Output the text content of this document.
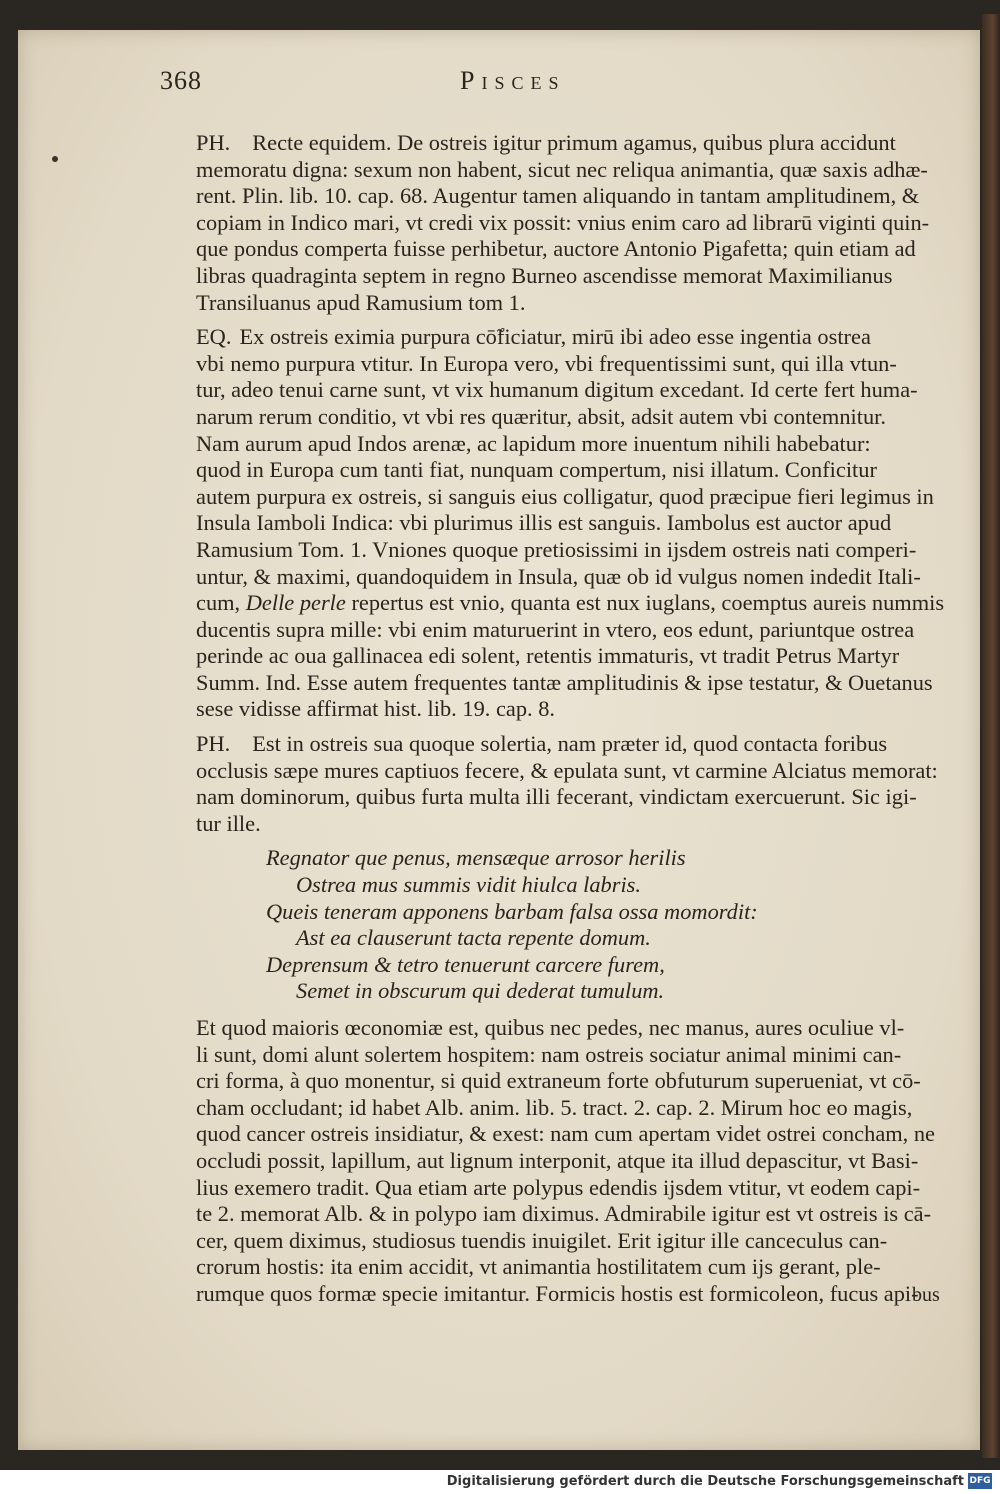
368	Pisces
PH. Recte equidem. De ostreis igitur primum agamus, quibus plura accidunt
memoratu digna: sexum non habent, sicut nec reliqua animantia, quæ saxis adhæ-
rent. Plin. lib. 10. cap. 68. Augentur tamen aliquando in tantam amplitudinem, &
copiam in Indico mari, vt credi vix possit: vnius enim caro ad librarū viginti quin-
que pondus comperta fuisse perhibetur, auctore Antonio Pigafetta; quin etiam ad
libras quadraginta septem in regno Burneo ascendisse memorat Maximilianus
Transiluanus apud Ramusium tom 1.
EQ. Ex ostreis eximia purpura cō̃ficiatur, mirū ibi adeo esse ingentia ostrea
vbi nemo purpura vtitur. In Europa vero, vbi frequentissimi sunt, qui illa vtun-
tur, adeo tenui carne sunt, vt vix humanum digitum excedant. Id certe fert huma-
narum rerum conditio, vt vbi res quæritur, absit, adsit autem vbi contemnitur.
Nam aurum apud Indos arenæ, ac lapidum more inuentum nihili habebatur:
quod in Europa cum tanti fiat, nunquam compertum, nisi illatum. Conficitur
autem purpura ex ostreis, si sanguis eius colligatur, quod præcipue fieri legimus in
Insula Iamboli Indica: vbi plurimus illis est sanguis. Iambolus est auctor apud
Ramusium Tom. 1. Vniones quoque pretiosissimi in ijsdem ostreis nati comperi-
untur, & maximi, quandoquidem in Insula, quæ ob id vulgus nomen indedit Itali-
cum, Delle perle repertus est vnio, quanta est nux iuglans, coemptus aureis nummis
ducentis supra mille: vbi enim maturuerint in vtero, eos edunt, pariuntque ostrea
perinde ac oua gallinacea edi solent, retentis immaturis, vt tradit Petrus Martyr
Summ. Ind. Esse autem frequentes tantæ amplitudinis & ipse testatur, & Ouetanus
sese vidisse affirmat hist. lib. 19. cap. 8.
PH. Est in ostreis sua quoque solertia, nam præter id, quod contacta foribus
occlusis sæpe mures captiuos fecere, & epulata sunt, vt carmine Alciatus memorat:
nam dominorum, quibus furta multa illi fecerant, vindictam exercuerunt. Sic igi-
tur ille.
Regnator que penus, mensæque arrosor herilis
Ostrea mus summis vidit hiulca labris.
Queis teneram apponens barbam falsa ossa momordit:
Ast ea clauserunt tacta repente domum.
Deprensum & tetro tenuerunt carcere furem,
Semet in obscurum qui dederat tumulum.
Et quod maioris œconomiæ est, quibus nec pedes, nec manus, aures oculiue vl-
li sunt, domi alunt solertem hospitem: nam ostreis sociatur animal minimi can-
cri forma, à quo monentur, si quid extraneum forte obfuturum superueniat, vt cō-
cham occludant; id habet Alb. anim. lib. 5. tract. 2. cap. 2. Mirum hoc eo magis,
quod cancer ostreis insidiatur, & exest: nam cum apertam videt ostrei concham, ne
occludi possit, lapillum, aut lignum interponit, atque ita illud depascitur, vt Basi-
lius exemero tradit. Qua etiam arte polypus edendis ijsdem vtitur, vt eodem capi-
te 2. memorat Alb. & in polypo iam diximus. Admirabile igitur est vt ostreis is cā-
cer, quem diximus, studiosus tuendis inuigilet. Erit igitur ille canceculus can-
crorum hostis: ita enim accidit, vt animantia hostilitatem cum ijs gerant, ple-
rumque quos formæ specie imitantur. Formicis hostis est formicoleon, fucus api-
bus
Digitalisierung gefördert durch die Deutsche Forschungsgemeinschaft DFG
